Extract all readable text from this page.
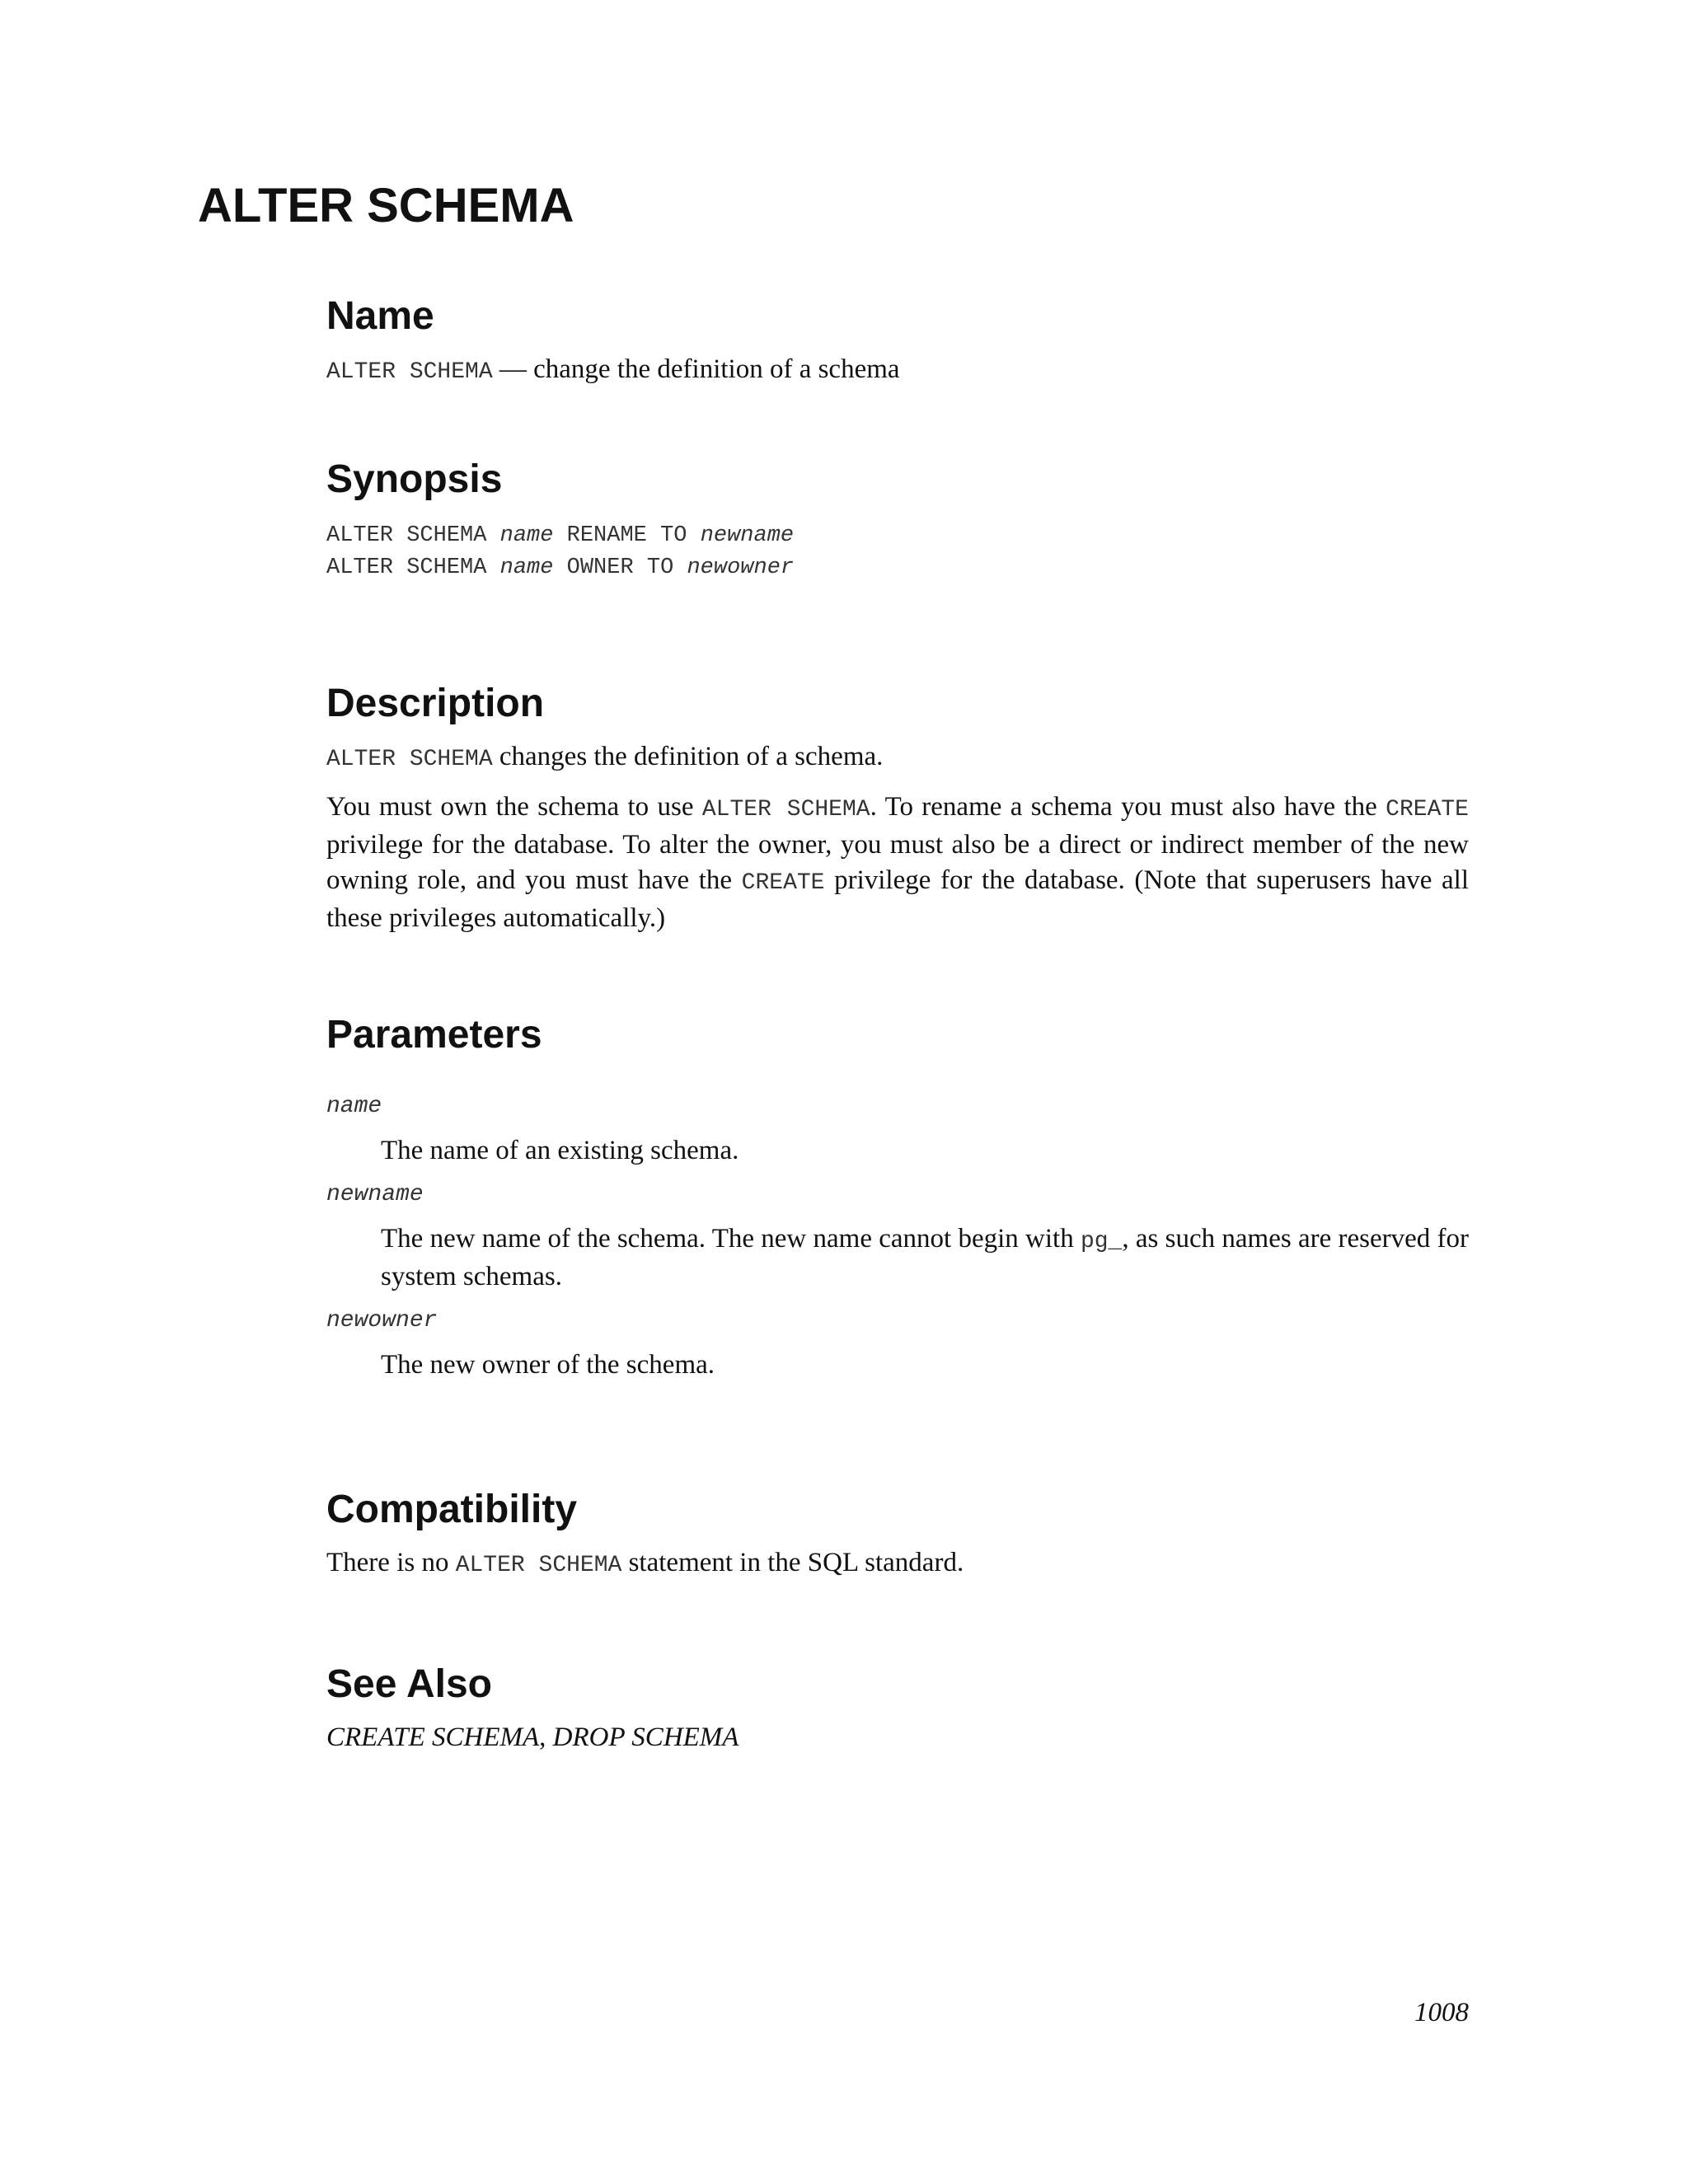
ALTER SCHEMA
Name

ALTER SCHEMA — change the definition of a schema

Synopsis
ALTER SCHEMA name RENAME TO newname
ALTER SCHEMA name OWNER TO newowner
Description

ALTER SCHEMA changes the definition of a schema.

You must own the schema to use ALTER SCHEMA. To rename a schema you must also have the CREATE privilege for the database. To alter the owner, you must also be a direct or indirect member of the new owning role, and you must have the CREATE privilege for the database. (Note that superusers have all these privileges automatically.)

Parameters
name

The name of an existing schema.

newname

The new name of the schema. The new name cannot begin with pg_, as such names are reserved for system schemas.

newowner

The new owner of the schema.

Compatibility

There is no ALTER SCHEMA statement in the SQL standard.

See Also

CREATE SCHEMA, DROP SCHEMA

1008
